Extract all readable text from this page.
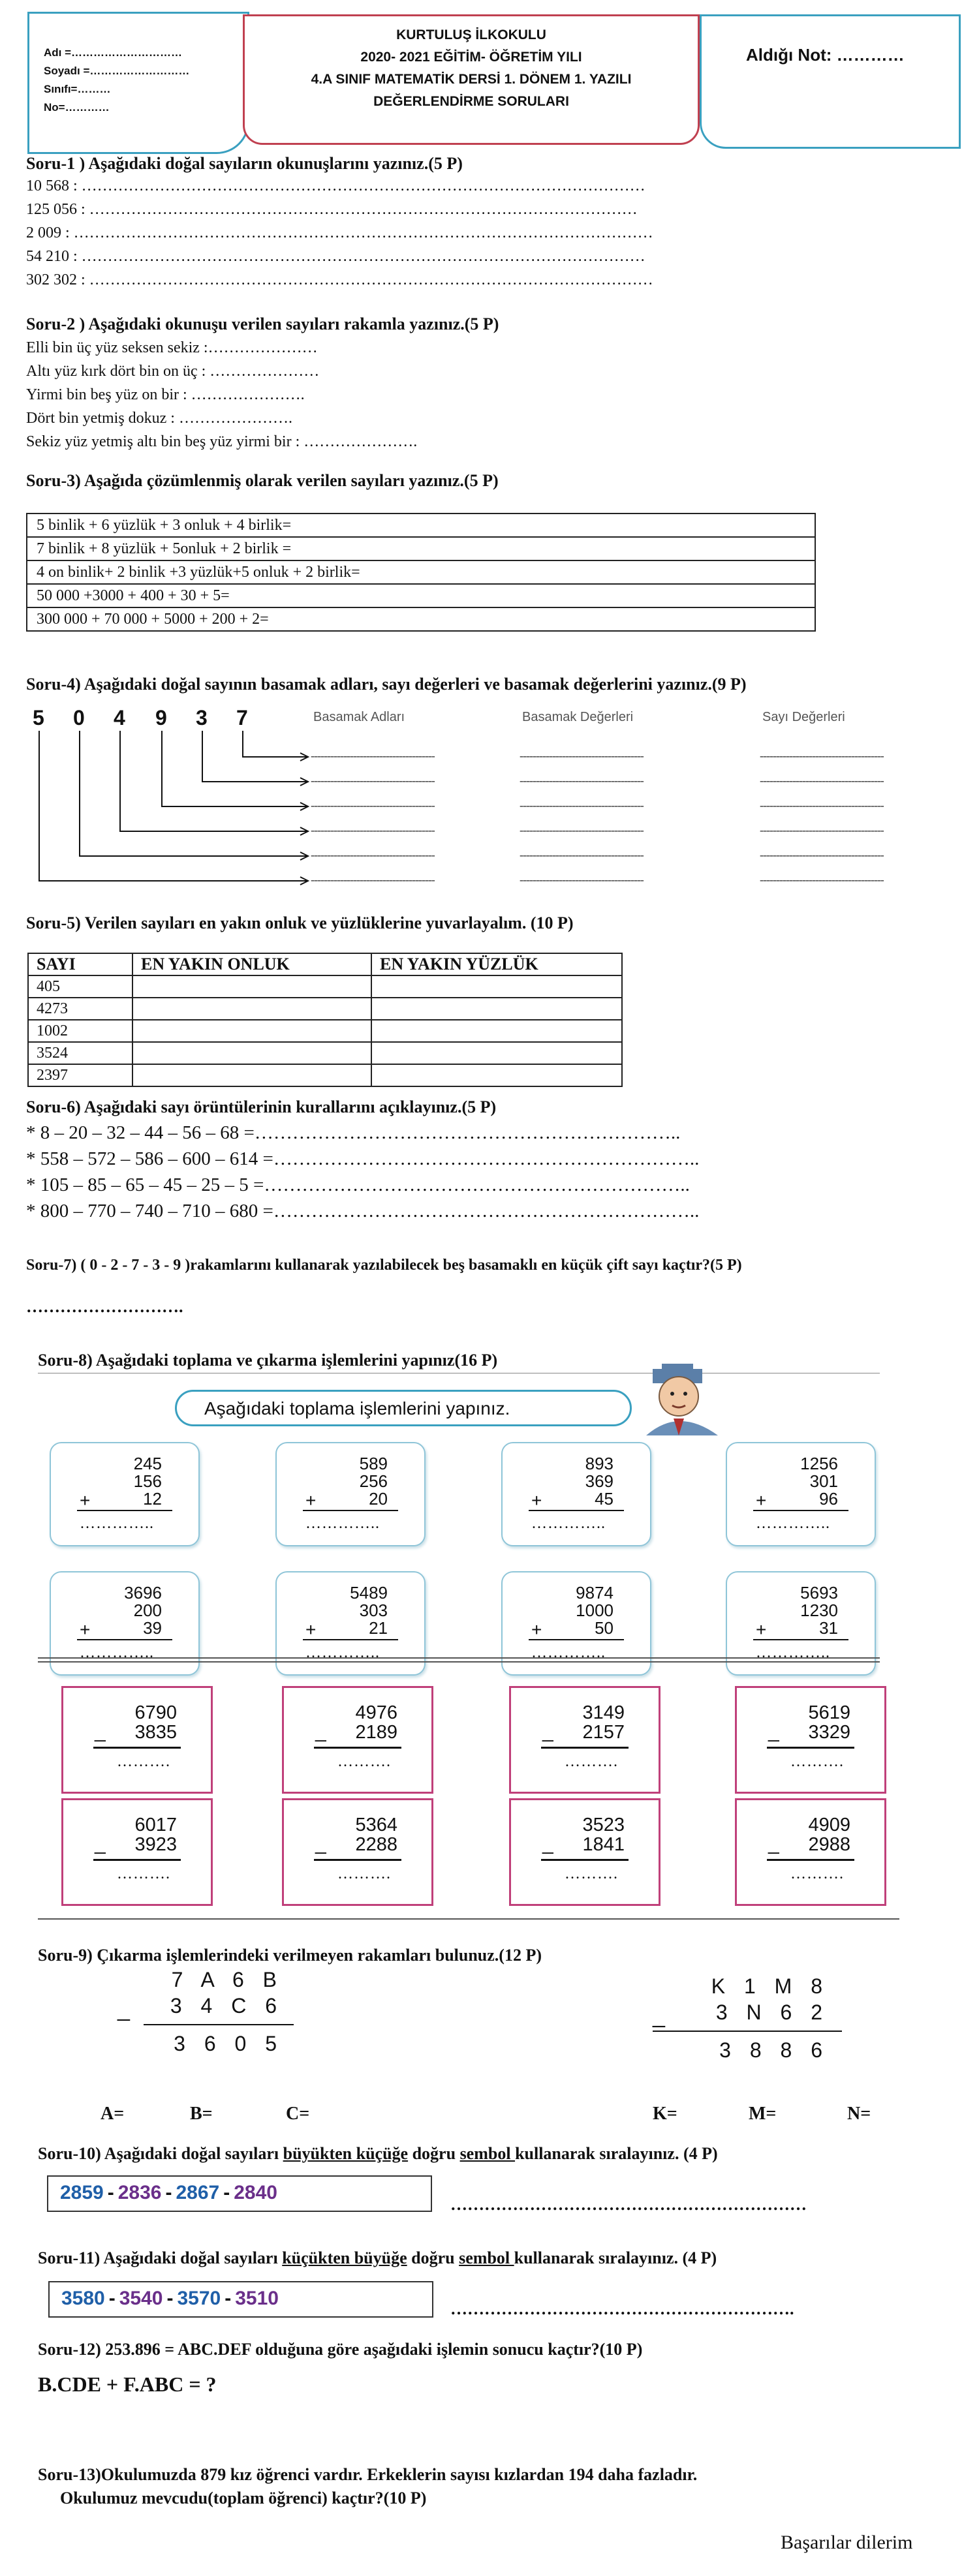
Adı =…………………………
Soyadı =………………………
Sınıfı=………
No=…………
KURTULUŞ İLKOKULU
2020- 2021 EĞİTİM- ÖĞRETİM YILI
4.A SINIF MATEMATİK DERSİ 1. DÖNEM 1. YAZILI
DEĞERLENDİRME SORULARI
Aldığı Not: …………
Soru-1 ) Aşağıdaki doğal sayıların okunuşlarını yazınız.(5 P)
10 568 : ………………………………………………………………………………………………
125 056 : ……………………………………………………………………………………………
2 009 : …………………………………………………………………………………………………
54 210 : ………………………………………………………………………………………………
302 302 : ………………………………………………………………………………………………
Soru-2 ) Aşağıdaki okunuşu verilen sayıları rakamla yazınız.(5 P)
Elli bin üç yüz seksen sekiz :…………………
Altı yüz kırk dört bin on üç : …………………
Yirmi bin beş yüz on bir : ………………….
Dört bin yetmiş dokuz : ………………….
Sekiz yüz yetmiş altı bin beş yüz yirmi bir : ………………….
Soru-3) Aşağıda çözümlenmiş olarak verilen sayıları yazınız.(5 P)
5 binlik + 6 yüzlük + 3 onluk + 4 birlik=
7 binlik + 8 yüzlük + 5onluk + 2 birlik =
4 on binlik+ 2 binlik +3 yüzlük+5 onluk + 2 birlik=
50 000 +3000 + 400 + 30 + 5=
300 000 + 70 000 + 5000 + 200 + 2=
Soru-4) Aşağıdaki doğal sayının basamak adları, sayı değerleri ve basamak değerlerini yazınız.(9 P)
5 0 4 9 3 7	Basamak Adları	Basamak Değerleri	Sayı Değerleri
--------------------------------------	--------------------------------------	--------------------------------------
--------------------------------------	--------------------------------------	--------------------------------------
--------------------------------------	--------------------------------------	--------------------------------------
--------------------------------------	--------------------------------------	--------------------------------------
--------------------------------------	--------------------------------------	--------------------------------------
--------------------------------------	--------------------------------------	--------------------------------------
Soru-5) Verilen sayıları en yakın onluk ve yüzlüklerine yuvarlayalım. (10 P)
SAYI	EN YAKIN ONLUK	EN YAKIN YÜZLÜK
405		
4273		
1002		
3524		
2397		
Soru-6) Aşağıdaki sayı örüntülerinin kurallarını açıklayınız.(5 P)
* 8 – 20 – 32 – 44 – 56 – 68 =…………………………………………………………..
* 558 – 572 – 586 – 600 – 614 =…………………………………………………………..
* 105 – 85 – 65 – 45 – 25 – 5 =…………………………………………………………..
* 800 – 770 – 740 – 710 – 680 =…………………………………………………………..
Soru-7) ( 0 - 2 - 7 - 3 - 9 )rakamlarını kullanarak yazılabilecek beş basamaklı en küçük çift sayı kaçtır?(5 P)
……………………….
Soru-8) Aşağıdaki toplama ve çıkarma işlemlerini yapınız(16 P)
Aşağıdaki toplama işlemlerini yapınız.
245
156
12
+
…………..
589
256
20
+
…………..
893
369
45
+
…………..
1256
301
96
+
…………..
3696
200
39
+
…………..
5489
303
21
+
…………..
9874
1000
50
+
…………..
5693
1230
31
+
…………..
6790
3835
_
……….
4976
2189
_
……….
3149
2157
_
……….
5619
3329
_
……….
6017
3923
_
……….
5364
2288
_
……….
3523
1841
_
……….
4909
2988
_
……….
Soru-9) Çıkarma işlemlerindeki verilmeyen rakamları bulunuz.(12 P)
7 A 6 B
_	3 4 C 6
3 6 0 5
K 1 M 8
_	3 N 6 2
3 8 8 6
A=	B=	C=	K=	M=	N=
Soru-10) Aşağıdaki doğal sayıları büyükten küçüğe doğru sembol kullanarak sıralayınız. (4 P)
2859 - 2836 - 2867 - 2840
………………………………………………………
Soru-11) Aşağıdaki doğal sayıları küçükten büyüğe doğru sembol kullanarak sıralayınız. (4 P)
3580 - 3540 - 3570 - 3510	…………………………………………………….
Soru-12) 253.896 = ABC.DEF olduğuna göre aşağıdaki işlemin sonucu kaçtır?(10 P)
B.CDE + F.ABC = ?
Soru-13)Okulumuzda 879 kız öğrenci vardır. Erkeklerin sayısı kızlardan 194 daha fazladır.
Okulumuz mevcudu(toplam öğrenci) kaçtır?(10 P)
Başarılar dilerim
